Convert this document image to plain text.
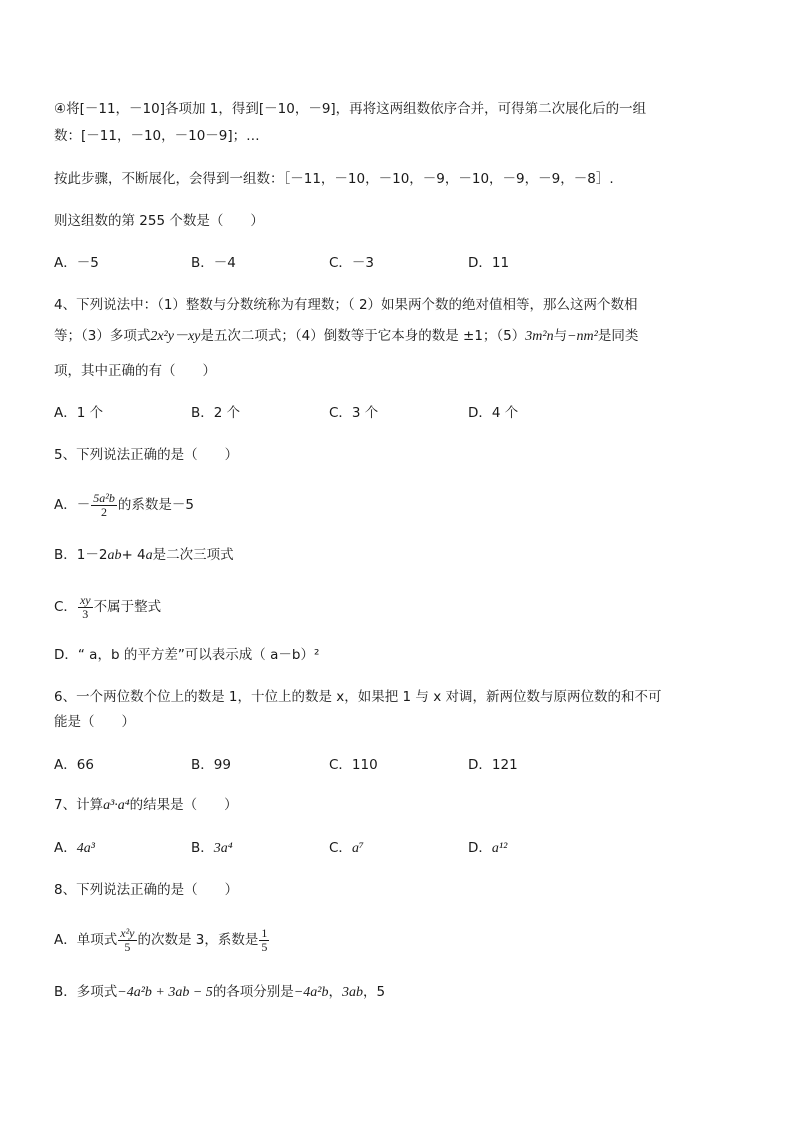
④将[－11，－10]各项加 1，得到[－10，－9]，再将这两组数依序合并，可得第二次展化后的一组
数：[－11，－10，－10－9]；…
按此步骤，不断展化，会得到一组数：［－11，－10，－10，－9，－10，－9，－9，－8］.
则这组数的第 255 个数是（　　）
A．－5	B．－4	C．－3	D．11
4、下列说法中：（1）整数与分数统称为有理数；（ 2）如果两个数的绝对值相等，那么这两个数相
等；（3）多项式2x²y－xy是五次二项式；（4）倒数等于它本身的数是 ±1；（5）3m²n与−nm²是同类
项，其中正确的有（　　）
A．1 个	B．2 个	C．3 个	D．4 个
5、下列说法正确的是（　　）
A．－ $\frac{\text{5a²b}}{2}$ 的系数是－5
B．1－2ab+ 4a是二次三项式
C． $\frac{xy}{3}$ 不属于整式
D．“ a，b 的平方差”可以表示成（ a－b）²
6、一个两位数个位上的数是 1，十位上的数是 x，如果把 1 与 x 对调，新两位数与原两位数的和不可
能是（　　）
A．66	B．99	C．110	D．121
7、计算a³·a⁴的结果是（　　）
A．4a³	B．3a⁴	C．a⁷	D．a¹²
8、下列说法正确的是（　　）
A．单项式 $\frac{\text{x²y}}{5}$ 的次数是 3，系数是 $\frac{1}{5}$
B．多项式−4a²b + 3ab − 5的各项分别是−4a²b，3ab，5
